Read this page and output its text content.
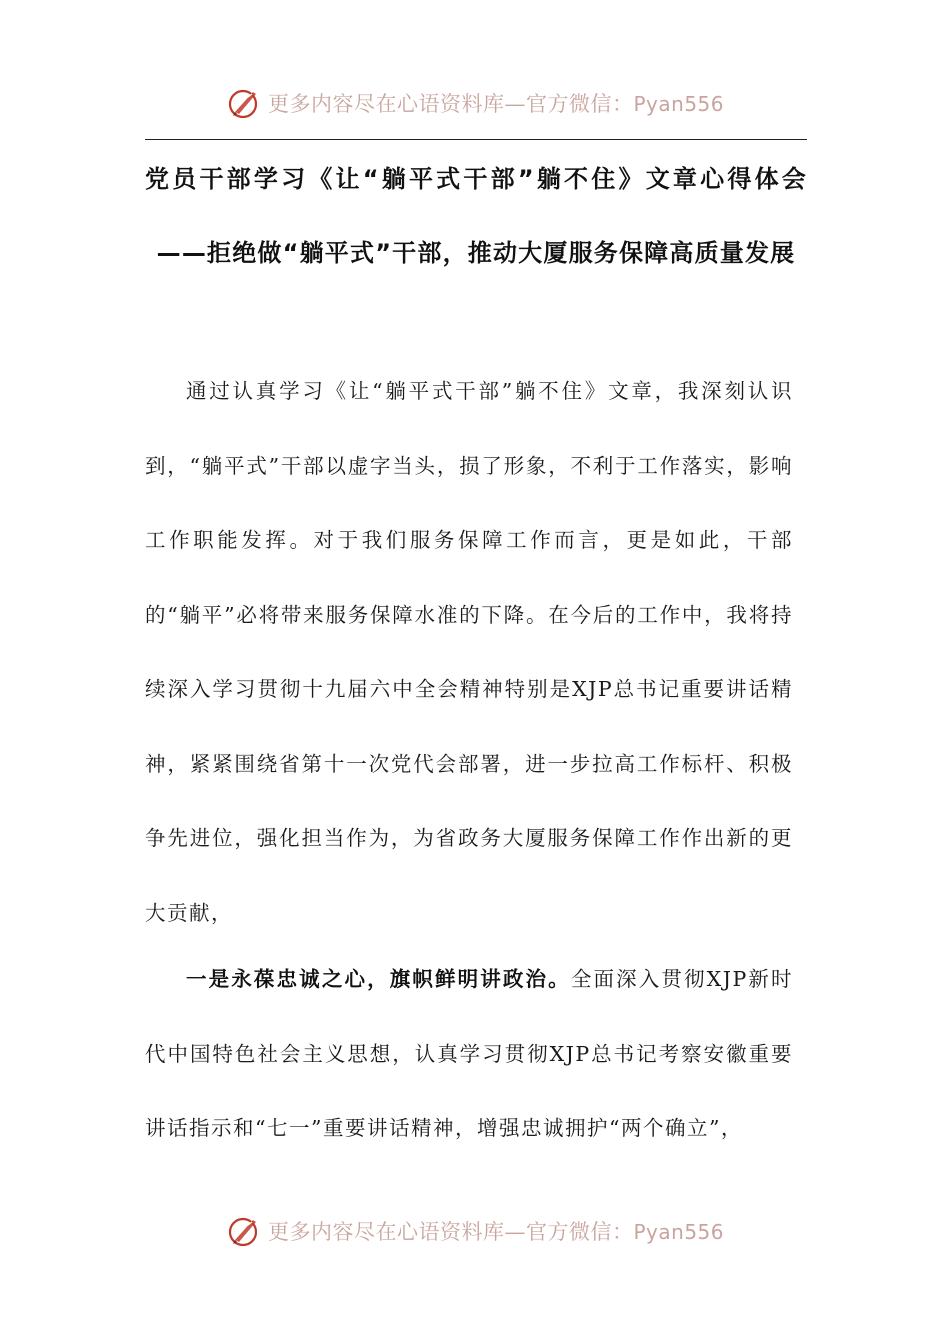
更多内容尽在心语资料库—官方微信：Pyan556

党员干部学习《让“躺平式干部”躺不住》文章心得体会——拒绝做“躺平式”干部，推动大厦服务保障高质量发展

通过认真学习《让“躺平式干部”躺不住》文章，我深刻认识到，“躺平式”干部以虚字当头，损了形象，不利于工作落实，影响工作职能发挥。对于我们服务保障工作而言，更是如此，干部的“躺平”必将带来服务保障水准的下降。在今后的工作中，我将持续深入学习贯彻十九届六中全会精神特别是XJP总书记重要讲话精神，紧紧围绕省第十一次党代会部署，进一步拉高工作标杆、积极争先进位，强化担当作为，为省政务大厦服务保障工作作出新的更大贡献，

一是永葆忠诚之心，旗帜鲜明讲政治。全面深入贯彻XJP新时代中国特色社会主义思想，认真学习贯彻XJP总书记考察安徽重要讲话指示和“七一”重要讲话精神，增强忠诚拥护“两个确立”，

更多内容尽在心语资料库—官方微信：Pyan556
